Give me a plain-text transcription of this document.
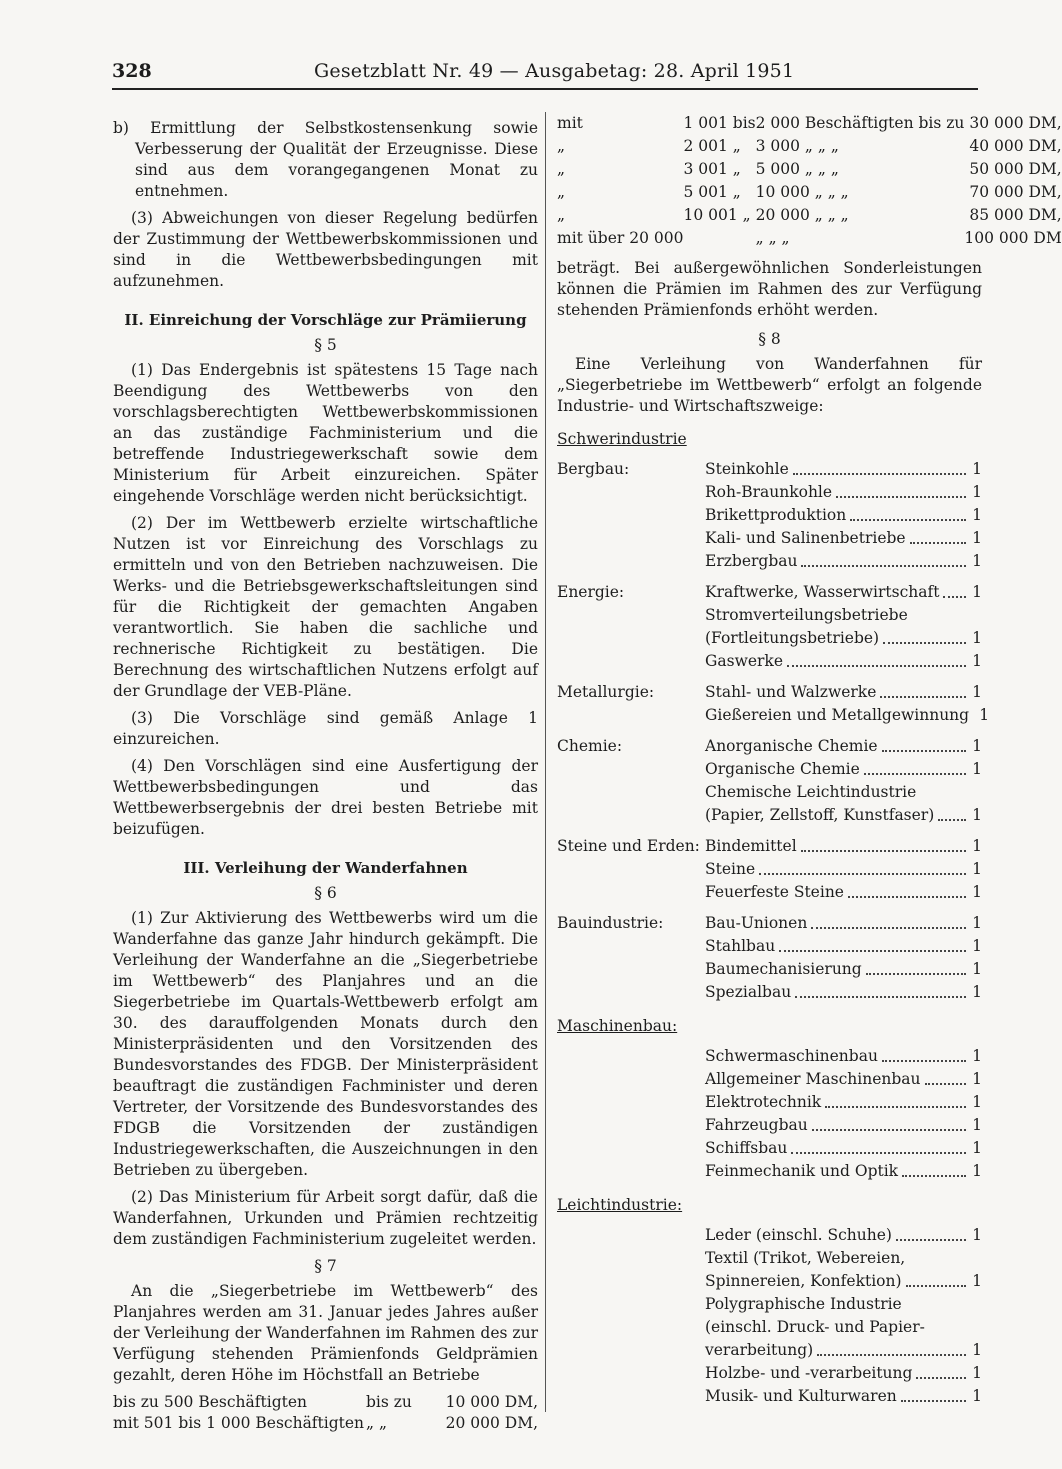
328	Gesetzblatt Nr. 49 — Ausgabetag: 28. April 1951

b) Ermittlung der Selbstkostensenkung sowie Verbesserung der Qualität der Erzeugnisse. Diese sind aus dem vorangegangenen Monat zu entnehmen.

(3) Abweichungen von dieser Regelung bedürfen der Zustimmung der Wettbewerbskommissionen und sind in die Wettbewerbsbedingungen mit aufzunehmen.

II. Einreichung der Vorschläge zur Prämiierung
§ 5

(1) Das Endergebnis ist spätestens 15 Tage nach Beendigung des Wettbewerbs von den vorschlagsberechtigten Wettbewerbskommissionen an das zuständige Fachministerium und die betreffende Industriegewerkschaft sowie dem Ministerium für Arbeit einzureichen. Später eingehende Vorschläge werden nicht berücksichtigt.

(2) Der im Wettbewerb erzielte wirtschaftliche Nutzen ist vor Einreichung des Vorschlags zu ermitteln und von den Betrieben nachzuweisen. Die Werks- und die Betriebsgewerkschaftsleitungen sind für die Richtigkeit der gemachten Angaben verantwortlich. Sie haben die sachliche und rechnerische Richtigkeit zu bestätigen. Die Berechnung des wirtschaftlichen Nutzens erfolgt auf der Grundlage der VEB-Pläne.

(3) Die Vorschläge sind gemäß Anlage 1 einzureichen.

(4) Den Vorschlägen sind eine Ausfertigung der Wettbewerbsbedingungen und das Wettbewerbsergebnis der drei besten Betriebe mit beizufügen.

III. Verleihung der Wanderfahnen
§ 6

(1) Zur Aktivierung des Wettbewerbs wird um die Wanderfahne das ganze Jahr hindurch gekämpft. Die Verleihung der Wanderfahne an die „Siegerbetriebe im Wettbewerb“ des Planjahres und an die Siegerbetriebe im Quartals-Wettbewerb erfolgt am 30. des darauffolgenden Monats durch den Ministerpräsidenten und den Vorsitzenden des Bundesvorstandes des FDGB. Der Ministerpräsident beauftragt die zuständigen Fachminister und deren Vertreter, der Vorsitzende des Bundesvorstandes des FDGB die Vorsitzenden der zuständigen Industriegewerkschaften, die Auszeichnungen in den Betrieben zu übergeben.

(2) Das Ministerium für Arbeit sorgt dafür, daß die Wanderfahnen, Urkunden und Prämien rechtzeitig dem zuständigen Fachministerium zugeleitet werden.

§ 7

An die „Siegerbetriebe im Wettbewerb“ des Planjahres werden am 31. Januar jedes Jahres außer der Verleihung der Wanderfahnen im Rahmen des zur Verfügung stehenden Prämienfonds Geldprämien gezahlt, deren Höhe im Höchstfall an Betriebe

bis zu 500 Beschäftigten	bis zu	10 000 DM,
mit 501 bis 1 000 Beschäftigten „ „	20 000 DM,
mit	1 001 bis	2 000 Beschäftigten bis zu	30 000 DM,
„	2 001 „	3 000 „ „ „	40 000 DM,
„	3 001 „	5 000 „ „ „	50 000 DM,
„	5 001 „	10 000 „ „ „	70 000 DM,
„	10 001 „	20 000 „ „ „	85 000 DM,
mit über 20 000		„ „ „	100 000 DM

beträgt. Bei außergewöhnlichen Sonderleistungen können die Prämien im Rahmen des zur Verfügung stehenden Prämienfonds erhöht werden.

§ 8

Eine Verleihung von Wanderfahnen für „Siegerbetriebe im Wettbewerb“ erfolgt an folgende Industrie- und Wirtschaftszweige:

Schwerindustrie
Bergbau:	Steinkohle	1
Roh-Braunkohle	1
Brikettproduktion	1
Kali- und Salinenbetriebe	1
Erzbergbau	1
Energie:	Kraftwerke, Wasserwirtschaft 1
Stromverteilungsbetriebe
(Fortleitungsbetriebe)	1
Gaswerke	1
Metallurgie:	Stahl- und Walzwerke	1
Gießereien und Metallgewinnung 1
Chemie:	Anorganische Chemie	1
Organische Chemie	1
Chemische Leichtindustrie
(Papier, Zellstoff, Kunstfaser) 1
Steine und Erden: Bindemittel	1
Steine	1
Feuerfeste Steine	1
Bauindustrie:	Bau-Unionen	1
Stahlbau	1
Baumechanisierung	1
Spezialbau	1
Maschinenbau:
Schwermaschinenbau	1
Allgemeiner Maschinenbau	1
Elektrotechnik	1
Fahrzeugbau	1
Schiffsbau	1
Feinmechanik und Optik	1
Leichtindustrie:
Leder (einschl. Schuhe)	1
Textil (Trikot, Webereien,
Spinnereien, Konfektion)	1
Polygraphische Industrie
(einschl. Druck- und Papier-
verarbeitung)	1
Holzbe- und -verarbeitung	1
Musik- und Kulturwaren	1
